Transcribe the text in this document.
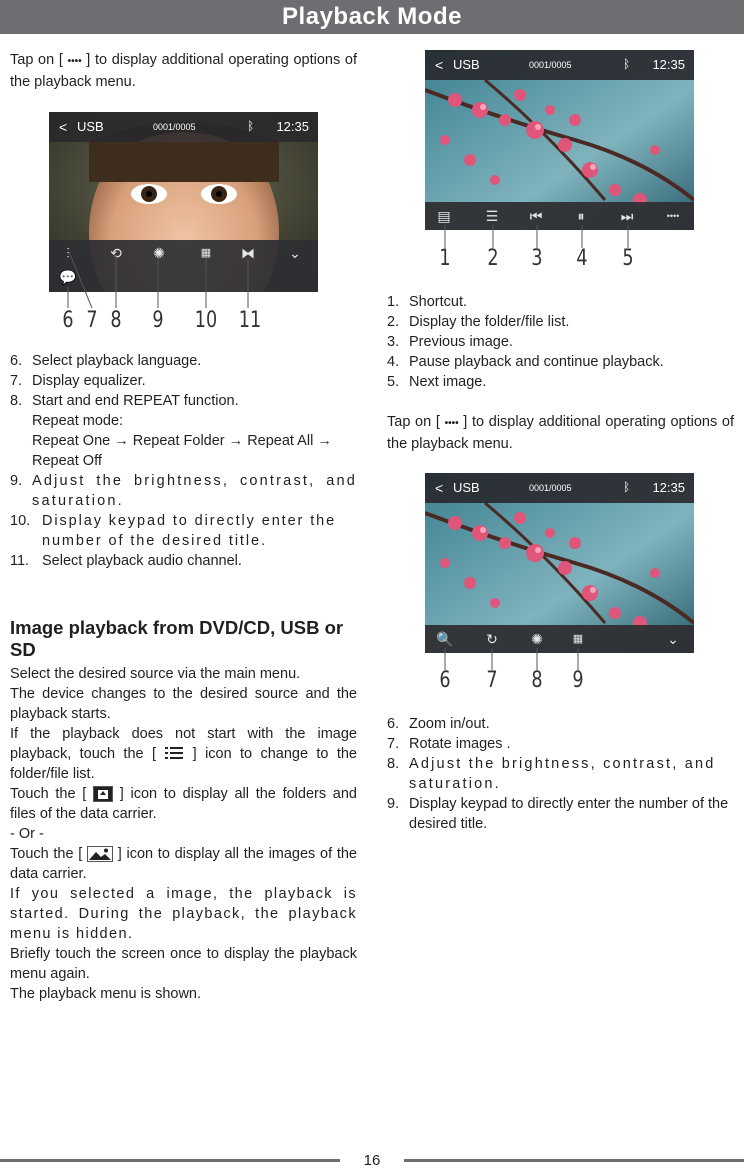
Playback Mode
Tap on [ •••• ] to display additional operating options of the playback menu.
< USB	0001/0005	ᛒ 12:35
⫶	⟲ ✺	▦	⧓ ⌄
💬
6 7 8 9 10 11
6. Select playback language.
7. Display equalizer.
8. Start and end REPEAT function.
Repeat mode:
Repeat One → Repeat Folder → Repeat All → Repeat Off
9. Adjust the brightness, contrast, and saturation.
10. Display keypad to directly enter the number of the desired title.
11. Select playback audio channel.
Image playback from DVD/CD, USB or SD

Select the desired source via the main menu.

The device changes to the desired source and the playback starts.

If the playback does not start with the image playback, touch the [  ] icon to change to the folder/file list.

Touch the [  ] icon to display all the folders and files of the data carrier.

- Or -

Touch the [  ] icon to display all the images of the data carrier.

If you selected a image, the playback is started. During the playback, the playback menu is hidden.

Briefly touch the screen once to display the playback menu again.

The playback menu is shown.

< USB	0001/0005	ᛒ 12:35
▤	☰ ⏮	⏸	⏭	••••
1 2 3 4 5
1. Shortcut.
2. Display the folder/file list.
3. Previous image.
4. Pause playback and continue playback.
5. Next image.
Tap on [ •••• ] to display additional operating options of the playback menu.
< USB	0001/0005	ᛒ 12:35
🔍 ↻ ✺	▦	⌄
6 7 8 9
6. Zoom in/out.
7. Rotate images .
8. Adjust the brightness, contrast, and saturation.
9. Display keypad to directly enter the number of the desired title.
16
